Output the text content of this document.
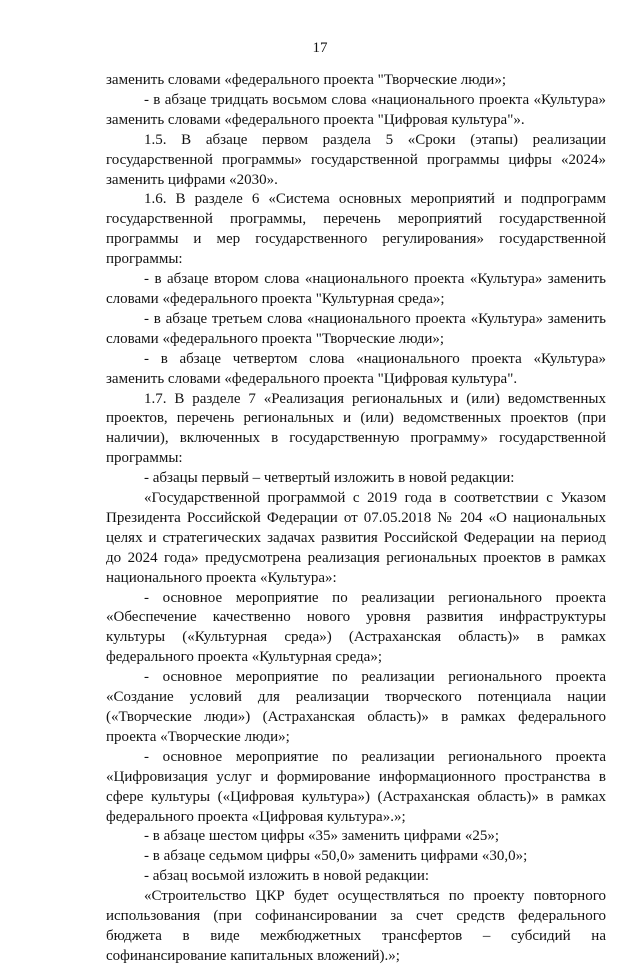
17

заменить словами «федерального проекта "Творческие люди»;

- в абзаце тридцать восьмом слова «национального проекта «Культура» заменить словами «федерального проекта "Цифровая культура"».

1.5. В абзаце первом раздела 5 «Сроки (этапы) реализации государственной программы» государственной программы цифры «2024» заменить цифрами «2030».

1.6. В разделе 6 «Система основных мероприятий и подпрограмм государственной программы, перечень мероприятий государственной программы и мер государственного регулирования» государственной программы:

- в абзаце втором слова «национального проекта «Культура» заменить словами «федерального проекта "Культурная среда»;

- в абзаце третьем слова «национального проекта «Культура» заменить словами «федерального проекта "Творческие люди»;

- в абзаце четвертом слова «национального проекта «Культура» заменить словами «федерального проекта "Цифровая культура".

1.7. В разделе 7 «Реализация региональных и (или) ведомственных проектов, перечень региональных и (или) ведомственных проектов (при наличии), включенных в государственную программу» государственной программы:

- абзацы первый – четвертый изложить в новой редакции:

«Государственной программой с 2019 года в соответствии с Указом Президента Российской Федерации от 07.05.2018 № 204 «О национальных целях и стратегических задачах развития Российской Федерации на период до 2024 года» предусмотрена реализация региональных проектов в рамках национального проекта «Культура»:

- основное мероприятие по реализации регионального проекта «Обеспечение качественно нового уровня развития инфраструктуры культуры («Культурная среда») (Астраханская область)» в рамках федерального проекта «Культурная среда»;

- основное мероприятие по реализации регионального проекта «Создание условий для реализации творческого потенциала нации («Творческие люди») (Астраханская область)» в рамках федерального проекта «Творческие люди»;

- основное мероприятие по реализации регионального проекта «Цифровизация услуг и формирование информационного пространства в сфере культуры («Цифровая культура») (Астраханская область)» в рамках федерального проекта «Цифровая культура».»;

- в абзаце шестом цифры «35» заменить цифрами «25»;

- в абзаце седьмом цифры «50,0» заменить цифрами «30,0»;

- абзац восьмой изложить в новой редакции:

«Строительство ЦКР будет осуществляться по проекту повторного использования (при софинансировании за счет средств федерального бюджета в виде межбюджетных трансфертов – субсидий на софинансирование капитальных вложений).»;
